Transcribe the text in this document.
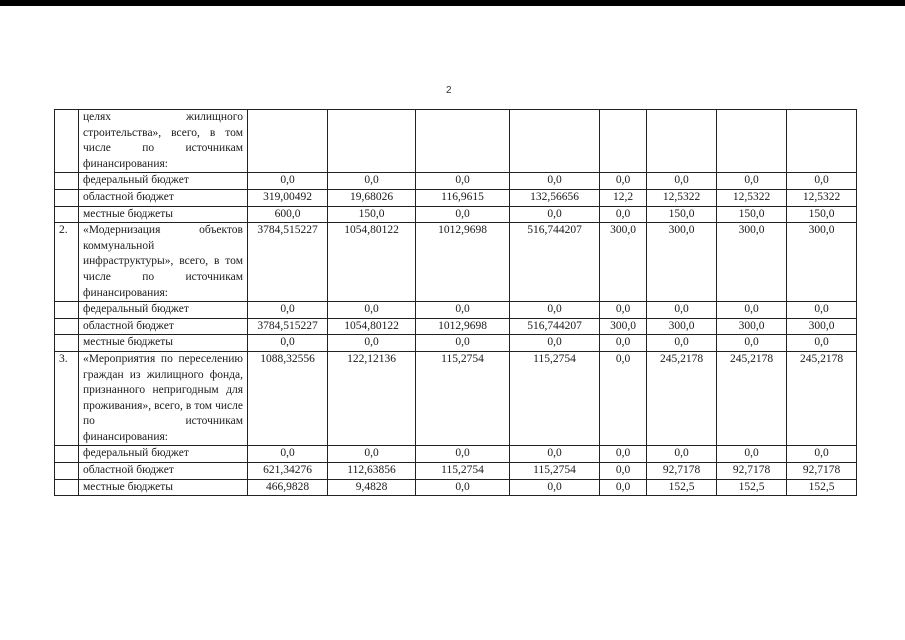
2
	целях жилищного строительства», всего, в том числе по источникам финансирования:								
	федеральный бюджет	0,0	0,0	0,0	0,0	0,0	0,0	0,0	0,0
	областной бюджет	319,00492	19,68026	116,9615	132,56656	12,2	12,5322	12,5322	12,5322
	местные бюджеты	600,0	150,0	0,0	0,0	0,0	150,0	150,0	150,0
2.	«Модернизация объектов коммунальной инфраструктуры», всего, в том числе по источникам финансирования:	3784,515227	1054,80122	1012,9698	516,744207	300,0	300,0	300,0	300,0
	федеральный бюджет	0,0	0,0	0,0	0,0	0,0	0,0	0,0	0,0
	областной бюджет	3784,515227	1054,80122	1012,9698	516,744207	300,0	300,0	300,0	300,0
	местные бюджеты	0,0	0,0	0,0	0,0	0,0	0,0	0,0	0,0
3.	«Мероприятия по переселению граждан из жилищного фонда, признанного непригодным для проживания», всего, в том числе по источникам финансирования:	1088,32556	122,12136	115,2754	115,2754	0,0	245,2178	245,2178	245,2178
	федеральный бюджет	0,0	0,0	0,0	0,0	0,0	0,0	0,0	0,0
	областной бюджет	621,34276	112,63856	115,2754	115,2754	0,0	92,7178	92,7178	92,7178
	местные бюджеты	466,9828	9,4828	0,0	0,0	0,0	152,5	152,5	152,5
